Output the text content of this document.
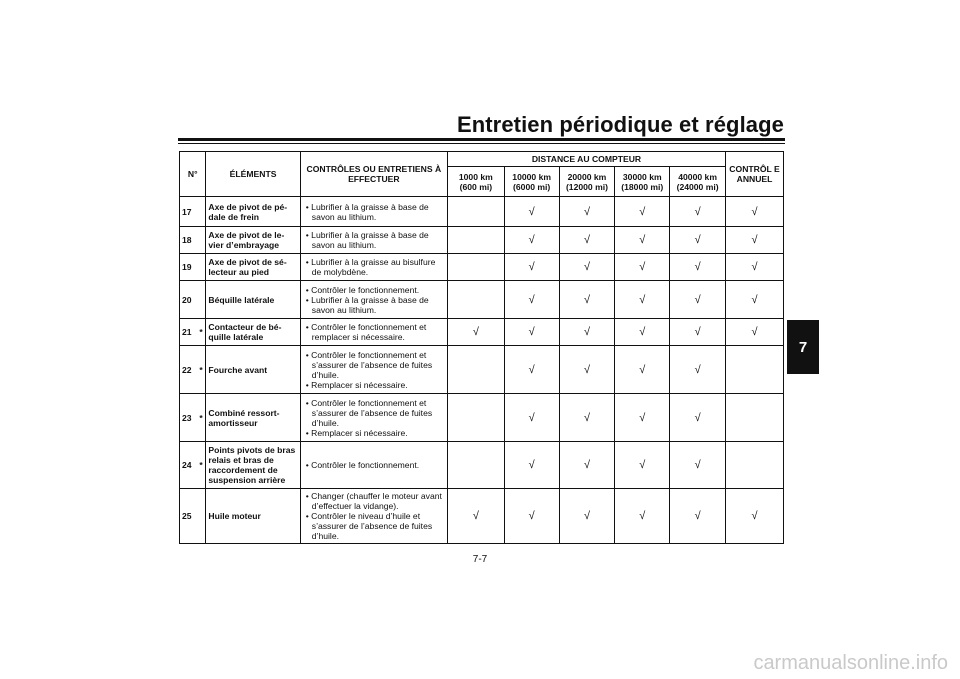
Entretien périodique et réglage
7
N°		ÉLÉMENTS	CONTRÔLES OU ENTRETIENS À EFFECTUER	DISTANCE AU COMPTEUR					CONTRÔL E ANNUEL
				1000 km (600 mi)	10000 km (6000 mi)	20000 km (12000 mi)	30000 km (18000 mi)	40000 km (24000 mi)	
17		Axe de pivot de pé-dale de frein	• Lubrifier à la graisse à base de savon au lithium.		√	√	√	√	√
18		Axe de pivot de le-vier d’embrayage	• Lubrifier à la graisse à base de savon au lithium.		√	√	√	√	√
19		Axe de pivot de sé-lecteur au pied	• Lubrifier à la graisse au bisulfure de molybdène.		√	√	√	√	√
20		Béquille latérale	• Contrôler le fonctionnement.
• Lubrifier à la graisse à base de savon au lithium.		√	√	√	√	√
21	*	Contacteur de bé-quille latérale	• Contrôler le fonctionnement et remplacer si nécessaire.	√	√	√	√	√	√
22	*	Fourche avant	• Contrôler le fonctionnement et s’assurer de l’absence de fuites d’huile.
• Remplacer si nécessaire.		√	√	√	√	
23	*	Combiné ressort-amortisseur	• Contrôler le fonctionnement et s’assurer de l’absence de fuites d’huile.
• Remplacer si nécessaire.		√	√	√	√	
24	*	Points pivots de bras relais et bras de raccordement de suspension arrière	• Contrôler le fonctionnement.		√	√	√	√	
25		Huile moteur	• Changer (chauffer le moteur avant d’effectuer la vidange).
• Contrôler le niveau d’huile et s’assurer de l’absence de fuites d’huile.	√	√	√	√	√	√
7-7
carmanualsonline.info
